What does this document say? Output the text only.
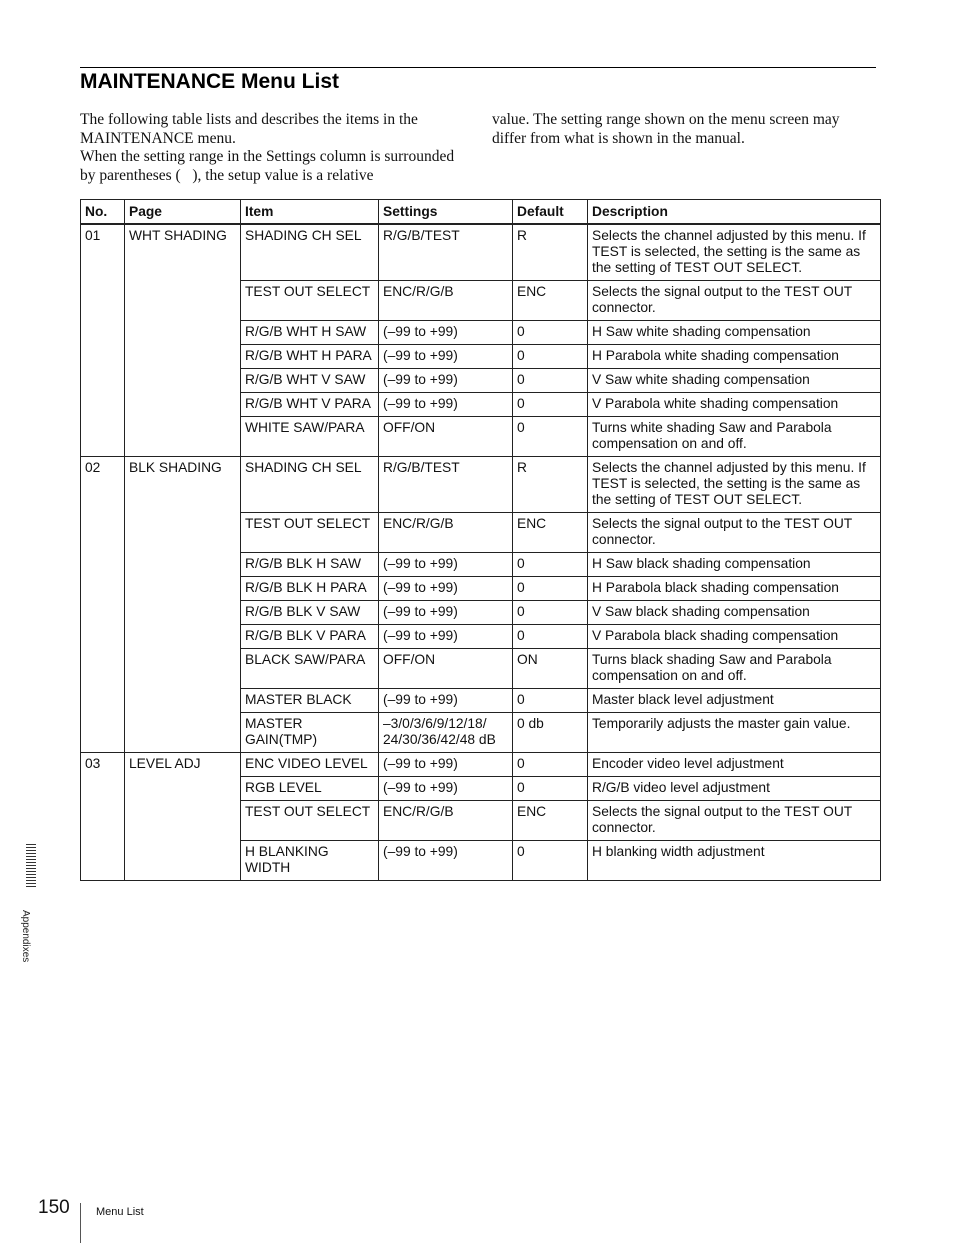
MAINTENANCE Menu List

The following table lists and describes the items in the MAINTENANCE menu.

When the setting range in the Settings column is surrounded by parentheses (   ), the setup value is a relative

value. The setting range shown on the menu screen may differ from what is shown in the manual.

No.	Page	Item	Settings	Default	Description
01	WHT SHADING	SHADING CH SEL	R/G/B/TEST	R	Selects the channel adjusted by this menu. If TEST is selected, the setting is the same as the setting of TEST OUT SELECT.
		TEST OUT SELECT	ENC/R/G/B	ENC	Selects the signal output to the TEST OUT connector.
		R/G/B WHT H SAW	(–99 to +99)	0	H Saw white shading compensation
		R/G/B WHT H PARA	(–99 to +99)	0	H Parabola white shading compensation
		R/G/B WHT V SAW	(–99 to +99)	0	V Saw white shading compensation
		R/G/B WHT V PARA	(–99 to +99)	0	V Parabola white shading compensation
		WHITE SAW/PARA	OFF/ON	0	Turns white shading Saw and Parabola compensation on and off.
02	BLK SHADING	SHADING CH SEL	R/G/B/TEST	R	Selects the channel adjusted by this menu. If TEST is selected, the setting is the same as the setting of TEST OUT SELECT.
		TEST OUT SELECT	ENC/R/G/B	ENC	Selects the signal output to the TEST OUT connector.
		R/G/B BLK H SAW	(–99 to +99)	0	H Saw black shading compensation
		R/G/B BLK H PARA	(–99 to +99)	0	H Parabola black shading compensation
		R/G/B BLK V SAW	(–99 to +99)	0	V Saw black shading compensation
		R/G/B BLK V PARA	(–99 to +99)	0	V Parabola black shading compensation
		BLACK SAW/PARA	OFF/ON	ON	Turns black shading Saw and Parabola compensation on and off.
		MASTER BLACK	(–99 to +99)	0	Master black level adjustment
		MASTER GAIN(TMP)	–3/0/3/6/9/12/18/ 24/30/36/42/48 dB	0 db	Temporarily adjusts the master gain value.
03	LEVEL ADJ	ENC VIDEO LEVEL	(–99 to +99)	0	Encoder video level adjustment
		RGB LEVEL	(–99 to +99)	0	R/G/B video level adjustment
		TEST OUT SELECT	ENC/R/G/B	ENC	Selects the signal output to the TEST OUT connector.
		H BLANKING WIDTH	(–99 to +99)	0	H blanking width adjustment
Appendixes
150 Menu List
